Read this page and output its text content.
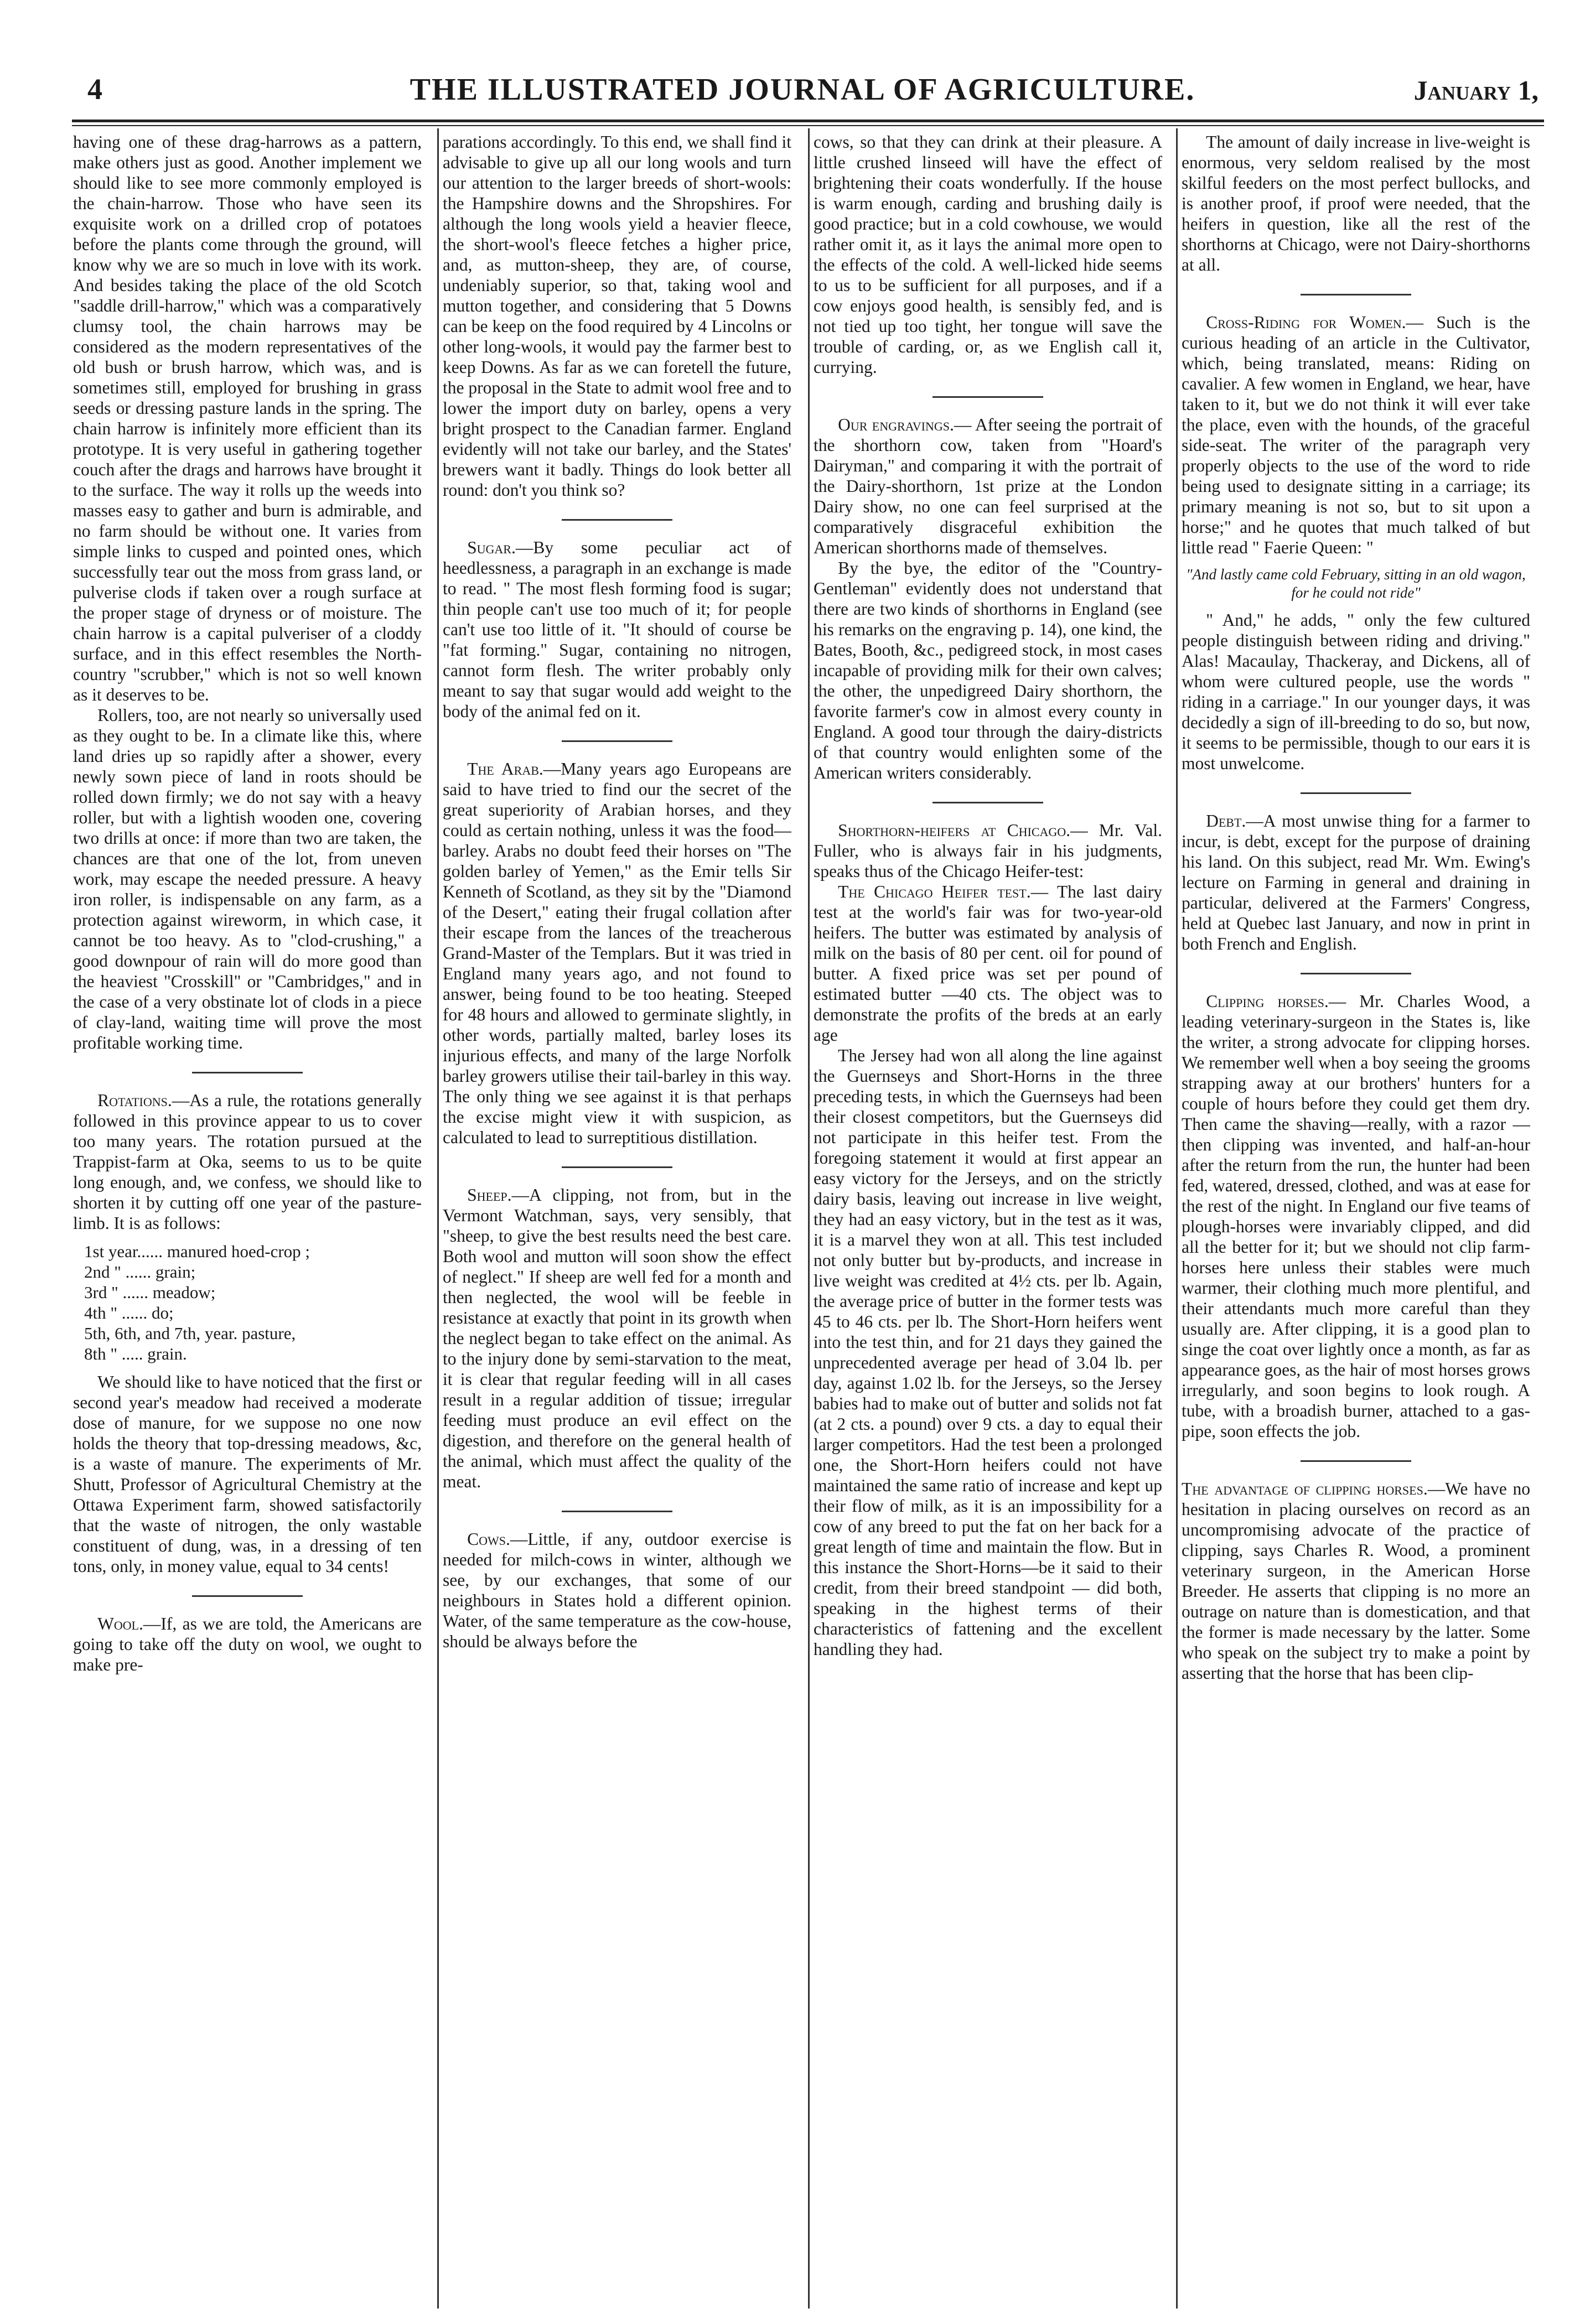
4	THE ILLUSTRATED JOURNAL OF AGRICULTURE.	January 1,

having one of these drag-harrows as a pattern, make others just as good. Another implement we should like to see more commonly employed is the chain-harrow. Those who have seen its exquisite work on a drilled crop of potatoes before the plants come through the ground, will know why we are so much in love with its work. And besides taking the place of the old Scotch "saddle drill-harrow," which was a comparatively clumsy tool, the chain harrows may be considered as the modern representatives of the old bush or brush harrow, which was, and is sometimes still, employed for brushing in grass seeds or dressing pasture lands in the spring. The chain harrow is infinitely more efficient than its prototype. It is very useful in gathering together couch after the drags and harrows have brought it to the surface. The way it rolls up the weeds into masses easy to gather and burn is admirable, and no farm should be without one. It varies from simple links to cusped and pointed ones, which successfully tear out the moss from grass land, or pulverise clods if taken over a rough surface at the proper stage of dryness or of moisture. The chain harrow is a capital pulveriser of a cloddy surface, and in this effect resembles the North-country "scrubber," which is not so well known as it deserves to be.

Rollers, too, are not nearly so universally used as they ought to be. In a climate like this, where land dries up so rapidly after a shower, every newly sown piece of land in roots should be rolled down firmly; we do not say with a heavy roller, but with a lightish wooden one, covering two drills at once: if more than two are taken, the chances are that one of the lot, from uneven work, may escape the needed pressure. A heavy iron roller, is indispensable on any farm, as a protection against wireworm, in which case, it cannot be too heavy. As to "clod-crushing," a good downpour of rain will do more good than the heaviest "Crosskill" or "Cambridges," and in the case of a very obstinate lot of clods in a piece of clay-land, waiting time will prove the most profitable working time.

Rotations.—As a rule, the rotations generally followed in this province appear to us to cover too many years. The rotation pursued at the Trappist-farm at Oka, seems to us to be quite long enough, and, we confess, we should like to shorten it by cutting off one year of the pasture-limb. It is as follows:

1st year...... manured hoed-crop ;
2nd " ...... grain;
3rd " ...... meadow;
4th " ...... do;
5th, 6th, and 7th, year. pasture,
8th " ..... grain.

We should like to have noticed that the first or second year's meadow had received a moderate dose of manure, for we suppose no one now holds the theory that top-dressing meadows, &c, is a waste of manure. The experiments of Mr. Shutt, Professor of Agricultural Chemistry at the Ottawa Experiment farm, showed satisfactorily that the waste of nitrogen, the only wastable constituent of dung, was, in a dressing of ten tons, only, in money value, equal to 34 cents!

Wool.—If, as we are told, the Americans are going to take off the duty on wool, we ought to make pre-

parations accordingly. To this end, we shall find it advisable to give up all our long wools and turn our attention to the larger breeds of short-wools: the Hampshire downs and the Shropshires. For although the long wools yield a heavier fleece, the short-wool's fleece fetches a higher price, and, as mutton-sheep, they are, of course, undeniably superior, so that, taking wool and mutton together, and considering that 5 Downs can be keep on the food required by 4 Lincolns or other long-wools, it would pay the farmer best to keep Downs. As far as we can foretell the future, the proposal in the State to admit wool free and to lower the import duty on barley, opens a very bright prospect to the Canadian farmer. England evidently will not take our barley, and the States' brewers want it badly. Things do look better all round: don't you think so?

Sugar.—By some peculiar act of heedlessness, a paragraph in an exchange is made to read. " The most flesh forming food is sugar; thin people can't use too much of it; for people can't use too little of it. "It should of course be "fat forming." Sugar, containing no nitrogen, cannot form flesh. The writer probably only meant to say that sugar would add weight to the body of the animal fed on it.

The Arab.—Many years ago Europeans are said to have tried to find our the secret of the great superiority of Arabian horses, and they could as certain nothing, unless it was the food—barley. Arabs no doubt feed their horses on "The golden barley of Yemen," as the Emir tells Sir Kenneth of Scotland, as they sit by the "Diamond of the Desert," eating their frugal collation after their escape from the lances of the treacherous Grand-Master of the Templars. But it was tried in England many years ago, and not found to answer, being found to be too heating. Steeped for 48 hours and allowed to germinate slightly, in other words, partially malted, barley loses its injurious effects, and many of the large Norfolk barley growers utilise their tail-barley in this way. The only thing we see against it is that perhaps the excise might view it with suspicion, as calculated to lead to surreptitious distillation.

Sheep.—A clipping, not from, but in the Vermont Watchman, says, very sensibly, that "sheep, to give the best results need the best care. Both wool and mutton will soon show the effect of neglect." If sheep are well fed for a month and then neglected, the wool will be feeble in resistance at exactly that point in its growth when the neglect began to take effect on the animal. As to the injury done by semi-starvation to the meat, it is clear that regular feeding will in all cases result in a regular addition of tissue; irregular feeding must produce an evil effect on the digestion, and therefore on the general health of the animal, which must affect the quality of the meat.

Cows.—Little, if any, outdoor exercise is needed for milch-cows in winter, although we see, by our exchanges, that some of our neighbours in States hold a different opinion. Water, of the same temperature as the cow-house, should be always before the

cows, so that they can drink at their pleasure. A little crushed linseed will have the effect of brightening their coats wonderfully. If the house is warm enough, carding and brushing daily is good practice; but in a cold cowhouse, we would rather omit it, as it lays the animal more open to the effects of the cold. A well-licked hide seems to us to be sufficient for all purposes, and if a cow enjoys good health, is sensibly fed, and is not tied up too tight, her tongue will save the trouble of carding, or, as we English call it, currying.

Our engravings.— After seeing the portrait of the shorthorn cow, taken from "Hoard's Dairyman," and comparing it with the portrait of the Dairy-shorthorn, 1st prize at the London Dairy show, no one can feel surprised at the comparatively disgraceful exhibition the American shorthorns made of themselves.

By the bye, the editor of the "Country-Gentleman" evidently does not understand that there are two kinds of shorthorns in England (see his remarks on the engraving p. 14), one kind, the Bates, Booth, &c., pedigreed stock, in most cases incapable of providing milk for their own calves; the other, the unpedigreed Dairy shorthorn, the favorite farmer's cow in almost every county in England. A good tour through the dairy-districts of that country would enlighten some of the American writers considerably.

Shorthorn-heifers at Chicago.— Mr. Val. Fuller, who is always fair in his judgments, speaks thus of the Chicago Heifer-test:

The Chicago Heifer test.— The last dairy test at the world's fair was for two-year-old heifers. The butter was estimated by analysis of milk on the basis of 80 per cent. oil for pound of butter. A fixed price was set per pound of estimated butter —40 cts. The object was to demonstrate the profits of the breds at an early age

The Jersey had won all along the line against the Guernseys and Short-Horns in the three preceding tests, in which the Guernseys had been their closest competitors, but the Guernseys did not participate in this heifer test. From the foregoing statement it would at first appear an easy victory for the Jerseys, and on the strictly dairy basis, leaving out increase in live weight, they had an easy victory, but in the test as it was, it is a marvel they won at all. This test included not only butter but by-products, and increase in live weight was credited at 4½ cts. per lb. Again, the average price of butter in the former tests was 45 to 46 cts. per lb. The Short-Horn heifers went into the test thin, and for 21 days they gained the unprecedented average per head of 3.04 lb. per day, against 1.02 lb. for the Jerseys, so the Jersey babies had to make out of butter and solids not fat (at 2 cts. a pound) over 9 cts. a day to equal their larger competitors. Had the test been a prolonged one, the Short-Horn heifers could not have maintained the same ratio of increase and kept up their flow of milk, as it is an impossibility for a cow of any breed to put the fat on her back for a great length of time and maintain the flow. But in this instance the Short-Horns—be it said to their credit, from their breed standpoint — did both, speaking in the highest terms of their characteristics of fattening and the excellent handling they had.

The amount of daily increase in live-weight is enormous, very seldom realised by the most skilful feeders on the most perfect bullocks, and is another proof, if proof were needed, that the heifers in question, like all the rest of the shorthorns at Chicago, were not Dairy-shorthorns at all.

Cross-Riding for Women.— Such is the curious heading of an article in the Cultivator, which, being translated, means: Riding on cavalier. A few women in England, we hear, have taken to it, but we do not think it will ever take the place, even with the hounds, of the graceful side-seat. The writer of the paragraph very properly objects to the use of the word to ride being used to designate sitting in a carriage; its primary meaning is not so, but to sit upon a horse;" and he quotes that much talked of but little read " Faerie Queen: "

"And lastly came cold February, sitting in an old wagon, for he could not ride"

" And," he adds, " only the few cultured people distinguish between riding and driving." Alas! Macaulay, Thackeray, and Dickens, all of whom were cultured people, use the words " riding in a carriage." In our younger days, it was decidedly a sign of ill-breeding to do so, but now, it seems to be permissible, though to our ears it is most unwelcome.

Debt.—A most unwise thing for a farmer to incur, is debt, except for the purpose of draining his land. On this subject, read Mr. Wm. Ewing's lecture on Farming in general and draining in particular, delivered at the Farmers' Congress, held at Quebec last January, and now in print in both French and English.

Clipping horses.— Mr. Charles Wood, a leading veterinary-surgeon in the States is, like the writer, a strong advocate for clipping horses. We remember well when a boy seeing the grooms strapping away at our brothers' hunters for a couple of hours before they could get them dry. Then came the shaving—really, with a razor —then clipping was invented, and half-an-hour after the return from the run, the hunter had been fed, watered, dressed, clothed, and was at ease for the rest of the night. In England our five teams of plough-horses were invariably clipped, and did all the better for it; but we should not clip farm-horses here unless their stables were much warmer, their clothing much more plentiful, and their attendants much more careful than they usually are. After clipping, it is a good plan to singe the coat over lightly once a month, as far as appearance goes, as the hair of most horses grows irregularly, and soon begins to look rough. A tube, with a broadish burner, attached to a gas-pipe, soon effects the job.

The advantage of clipping horses.—We have no hesitation in placing ourselves on record as an uncompromising advocate of the practice of clipping, says Charles R. Wood, a prominent veterinary surgeon, in the American Horse Breeder. He asserts that clipping is no more an outrage on nature than is domestication, and that the former is made necessary by the latter. Some who speak on the subject try to make a point by asserting that the horse that has been clip-
